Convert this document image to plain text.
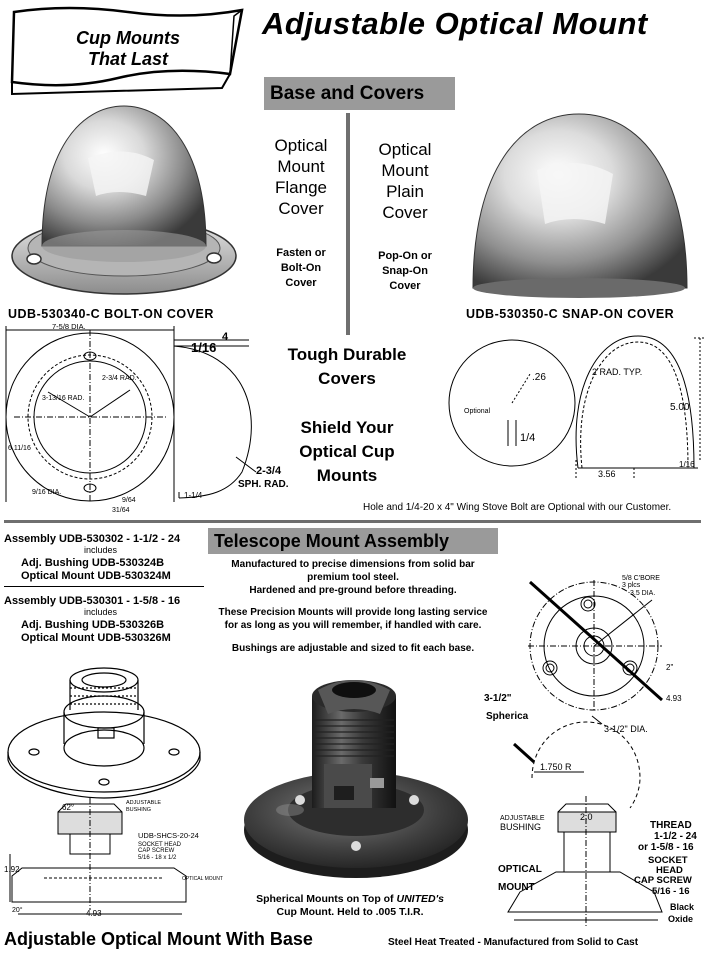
Cup Mounts
That Last
Adjustable Optical Mount
Base and Covers
Optical
Mount
Flange
Cover
Fasten or
Bolt-On
Cover
Optical
Mount
Plain
Cover
Pop-On or
Snap-On
Cover
UDB-530340-C BOLT-ON COVER	UDB-530350-C SNAP-ON COVER
7-5/8 DIA.
3-13/16 RAD.
2-3/4 RAD.
6 11/16
9/16 DIA.
9/64
31/64
1/16
4
2-3/4
SPH. RAD.
1-1/4
Tough Durable
Covers
Shield Your
Optical Cup
Mounts
.26
Optional
1/4
2 RAD. TYP.
5.00
3.56
1/16
Hole and 1/4-20 x 4" Wing Stove Bolt are Optional with our Customer.
Telescope Mount Assembly
Assembly UDB-530302 - 1-1/2 - 24
includes
Adj. Bushing UDB-530324B
Optical Mount UDB-530324M
Assembly UDB-530301 - 1-5/8 - 16
includes
Adj. Bushing UDB-530326B
Optical Mount UDB-530326M
Manufactured to precise dimensions from solid bar
premium tool steel.
Hardened and pre-ground before threading.
These Precision Mounts will provide long lasting service
for as long as you will remember, if handled with care.
Bushings are adjustable and sized to fit each base.
62°	ADJUSTABLE
BUSHING
UDB-SHCS-20-24
SOCKET HEAD
CAP SCREW
5/16 - 18 x 1/2
1.92
4.93
20°
OPTICAL MOUNT
Spherical Mounts on Top of UNITED's
Cup Mount. Held to .005 T.I.R.
5/8 C'BORE
3 plcs
3.5 DIA.
2"
4.93
3-1/2"
Spherica
3-1/2" DIA.
1.750 R
ADJUSTABLE
BUSHING
2.0
THREAD
1-1/2 - 24
or 1-5/8 - 16
OPTICAL
MOUNT
SOCKET
HEAD
CAP SCREW
5/16 - 16
Black
Oxide
Adjustable Optical Mount With Base	Steel Heat Treated - Manufactured from Solid to Cast
